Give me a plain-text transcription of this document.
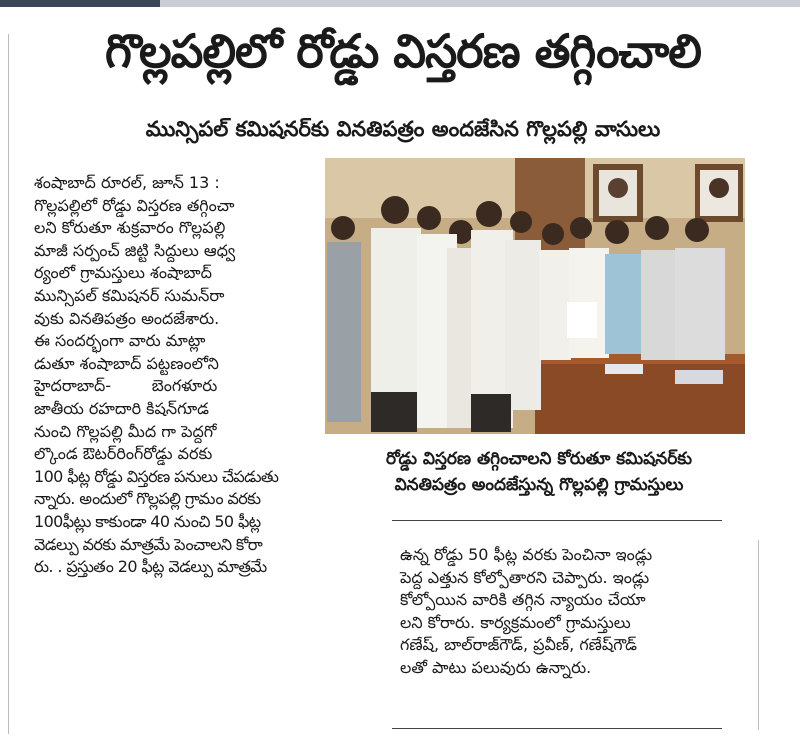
గొల్లపల్లిలో రోడ్డు విస్తరణ తగ్గించాలి
మున్సిపల్ కమిషనర్‌కు వినతిపత్రం అందజేసిన గొల్లపల్లి వాసులు

శంషాబాద్ రూరల్, జూన్ 13 :

గొల్లపల్లిలో రోడ్డు విస్తరణ తగ్గించా

లని కోరుతూ శుక్రవారం గొల్లపల్లి

మాజీ సర్పంచ్ జిట్టి సిద్దులు ఆధ్వ

ర్యంలో గ్రామస్తులు శంషాబాద్

మున్సిపల్ కమిషనర్ సుమన్‌రా

వుకు వినతిపత్రం అందజేశారు.

ఈ సందర్భంగా వారు మాట్లా

డుతూ శంషాబాద్ పట్టణంలోని

హైదరాబాద్-        బెంగళూరు

జాతీయ రహదారి కిషన్‌గూడ

నుంచి గొల్లపల్లి మీద గా పెద్దగో

ల్కొండ ఔటర్‌రింగ్‌రోడ్డు వరకు

100 ఫీట్ల రోడ్డు విస్తరణ పనులు చేపడుతు

న్నారు. అందులో గొల్లపల్లి గ్రామం వరకు

100ఫీట్లు కాకుండా 40 నుంచి 50 ఫీట్ల

వెడల్పు వరకు మాత్రమే పెంచాలని కోరా

రు. . ప్రస్తుతం 20 ఫీట్ల వెడల్పు మాత్రమే

రోడ్డు విస్తరణ తగ్గించాలని కోరుతూ కమిషనర్‌కు
వినతిపత్రం అందజేస్తున్న గొల్లపల్లి గ్రామస్తులు

ఉన్న రోడ్డు 50 ఫీట్ల వరకు పెంచినా ఇండ్లు

పెద్ద ఎత్తున కోల్పోతారని చెప్పారు. ఇండ్లు

కోల్పోయిన వారికి తగ్గిన న్యాయం చేయా

లని కోరారు. కార్యక్రమంలో గ్రామస్తులు

గణేష్, బాల్‌రాజ్‌గౌడ్, ప్రవీణ్, గణేష్‌గౌడ్

లతో పాటు పలువురు ఉన్నారు.
